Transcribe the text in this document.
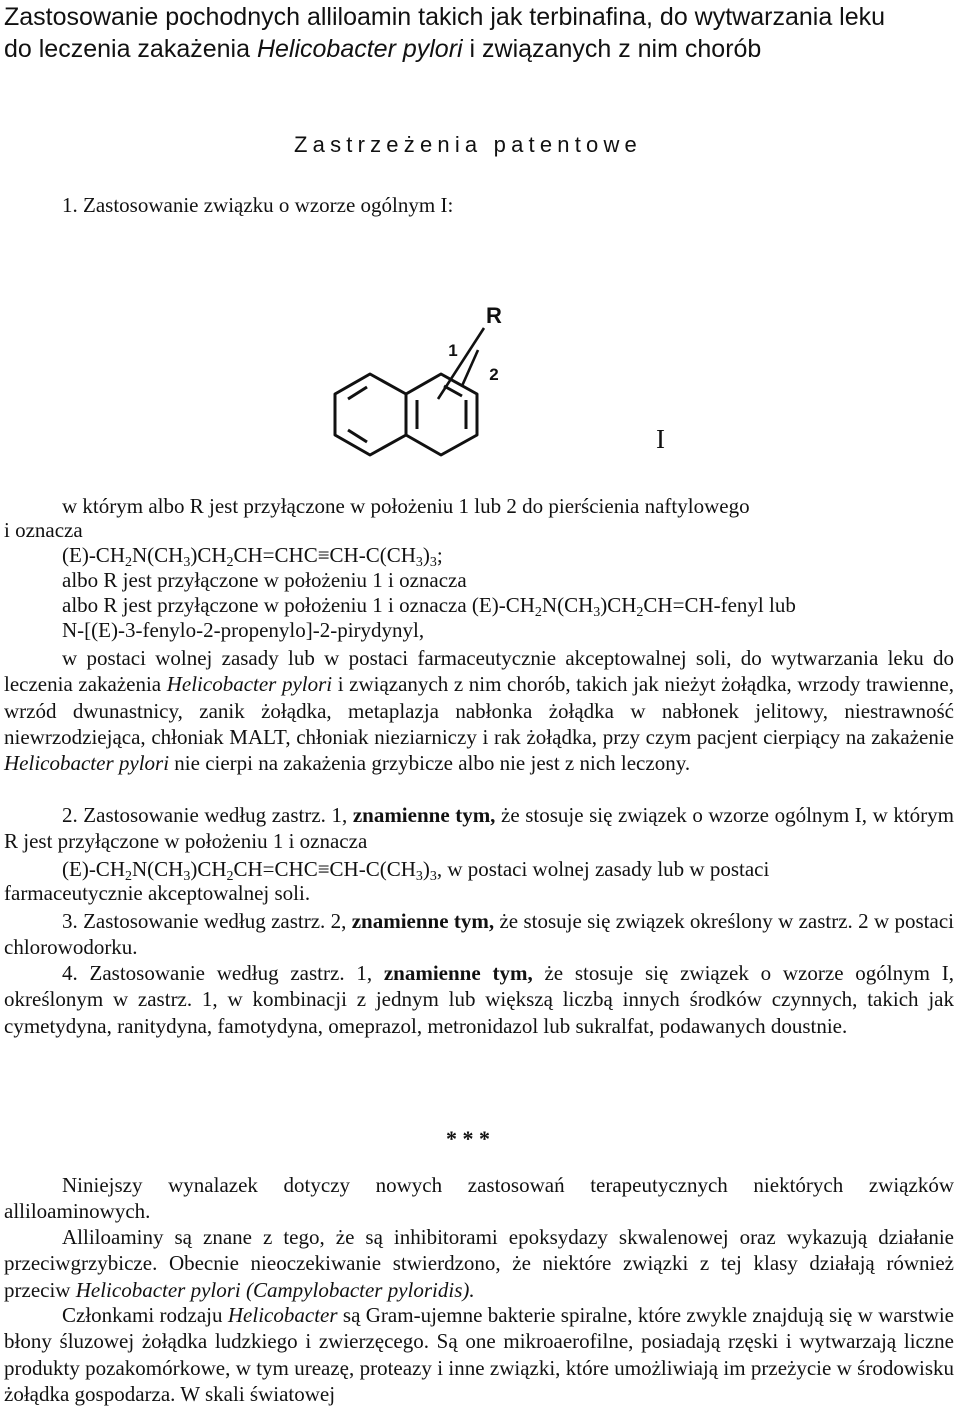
Zastosowanie pochodnych alliloamin takich jak terbinafina, do wytwarzania leku
do leczenia zakażenia Helicobacter pylori i związanych z nim chorób
Zastrzeżenia patentowe
1. Zastosowanie związku o wzorze ogólnym I:
R
1
2
I
w którym albo R jest przyłączone w położeniu 1 lub 2 do pierścienia naftylowego
i oznacza
$(E)-CH_2N(CH_3)CH_2CH=CHC\equiv CH-C(CH_3)_3$;
albo R jest przyłączone w położeniu 1 i oznacza
albo R jest przyłączone w położeniu 1 i oznacza $(E)-CH_2N(CH_3)CH_2CH=CH$-fenyl lub
N-[(E)-3-fenylo-2-propenylo]-2-pirydynyl,

w postaci wolnej zasady lub w postaci farmaceutycznie akceptowalnej soli, do wytwarzania leku do leczenia zakażenia Helicobacter pylori i związanych z nim chorób, takich jak nieżyt żołądka, wrzody trawienne, wrzód dwunastnicy, zanik żołądka, metaplazja nabłonka żołądka w nabłonek jelitowy, niestrawność niewrzodziejąca, chłoniak MALT, chłoniak nieziarniczy i rak żołądka, przy czym pacjent cierpiący na zakażenie Helicobacter pylori nie cierpi na zakażenia grzybicze albo nie jest z nich leczony.

2. Zastosowanie według zastrz. 1, znamienne tym, że stosuje się związek o wzorze ogólnym I, w którym R jest przyłączone w położeniu 1 i oznacza

$(E)-CH_2N(CH_3)CH_2CH=CHC\equiv CH-C(CH_3)_3$, w postaci wolnej zasady lub w postaci
farmaceutycznie akceptowalnej soli.

3. Zastosowanie według zastrz. 2, znamienne tym, że stosuje się związek określony w zastrz. 2 w postaci chlorowodorku.

4. Zastosowanie według zastrz. 1, znamienne tym, że stosuje się związek o wzorze ogólnym I, określonym w zastrz. 1, w kombinacji z jednym lub większą liczbą innych środków czynnych, takich jak cymetydyna, ranitydyna, famotydyna, omeprazol, metronidazol lub sukralfat, podawanych doustnie.

* * *

Niniejszy wynalazek dotyczy nowych zastosowań terapeutycznych niektórych związków alliloaminowych.

Alliloaminy są znane z tego, że są inhibitorami epoksydazy skwalenowej oraz wykazują działanie przeciwgrzybicze. Obecnie nieoczekiwanie stwierdzono, że niektóre związki z tej klasy działają również przeciw Helicobacter pylori (Campylobacter pyloridis).

Członkami rodzaju Helicobacter są Gram-ujemne bakterie spiralne, które zwykle znajdują się w warstwie błony śluzowej żołądka ludzkiego i zwierzęcego. Są one mikroaerofilne, posiadają rzęski i wytwarzają liczne produkty pozakomórkowe, w tym ureazę, proteazy i inne związki, które umożliwiają im przeżycie w środowisku żołądka gospodarza. W skali światowej
